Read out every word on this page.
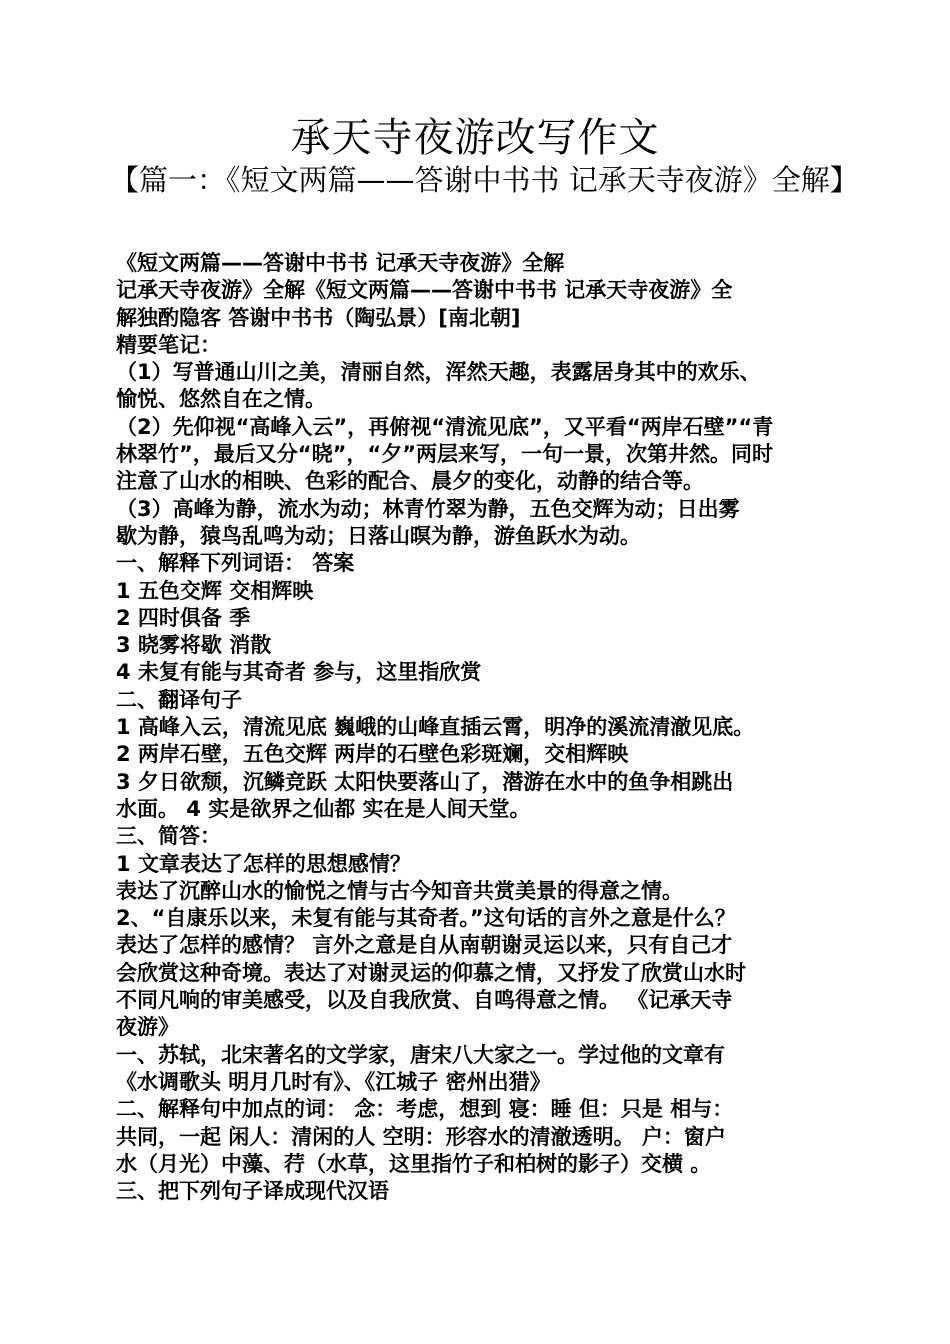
承天寺夜游改写作文
【篇一：《短文两篇——答谢中书书 记承天寺夜游》全解】
《短文两篇——答谢中书书 记承天寺夜游》全解
记承天寺夜游》全解《短文两篇——答谢中书书 记承天寺夜游》全
解独酌隐客 答谢中书书（陶弘景）[南北朝]
精要笔记：
（1）写普通山川之美，清丽自然，浑然天趣，表露居身其中的欢乐、
愉悦、悠然自在之情。
（2）先仰视“高峰入云”，再俯视“清流见底”，又平看“两岸石壁”“青
林翠竹”，最后又分“晓”，“夕”两层来写，一句一景，次第井然。同时
注意了山水的相映、色彩的配合、晨夕的变化，动静的结合等。
（3）高峰为静，流水为动；林青竹翠为静，五色交辉为动；日出雾
歇为静，猿鸟乱鸣为动；日落山暝为静，游鱼跃水为动。
一、解释下列词语： 答案
1 五色交辉 交相辉映
2 四时俱备 季
3 晓雾将歇 消散
4 未复有能与其奇者 参与，这里指欣赏
二、翻译句子
1 高峰入云，清流见底 巍峨的山峰直插云霄，明净的溪流清澈见底。
2 两岸石壁，五色交辉 两岸的石壁色彩斑斓，交相辉映
3 夕日欲颓，沉鳞竞跃 太阳快要落山了，潜游在水中的鱼争相跳出
水面。 4 实是欲界之仙都 实在是人间天堂。
三、简答：
1 文章表达了怎样的思想感情？
表达了沉醉山水的愉悦之情与古今知音共赏美景的得意之情。
2、“自康乐以来，未复有能与其奇者。”这句话的言外之意是什么？
表达了怎样的感情？ 言外之意是自从南朝谢灵运以来，只有自己才
会欣赏这种奇境。表达了对谢灵运的仰慕之情，又抒发了欣赏山水时
不同凡响的审美感受，以及自我欣赏、自鸣得意之情。 《记承天寺
夜游》
一、苏轼，北宋著名的文学家，唐宋八大家之一。学过他的文章有
《水调歌头 明月几时有》、《江城子 密州出猎》
二、解释句中加点的词： 念：考虑，想到 寝：睡 但：只是 相与：
共同，一起 闲人：清闲的人 空明：形容水的清澈透明。 户：窗户
水（月光）中藻、荇（水草，这里指竹子和柏树的影子）交横 。
三、把下列句子译成现代汉语
